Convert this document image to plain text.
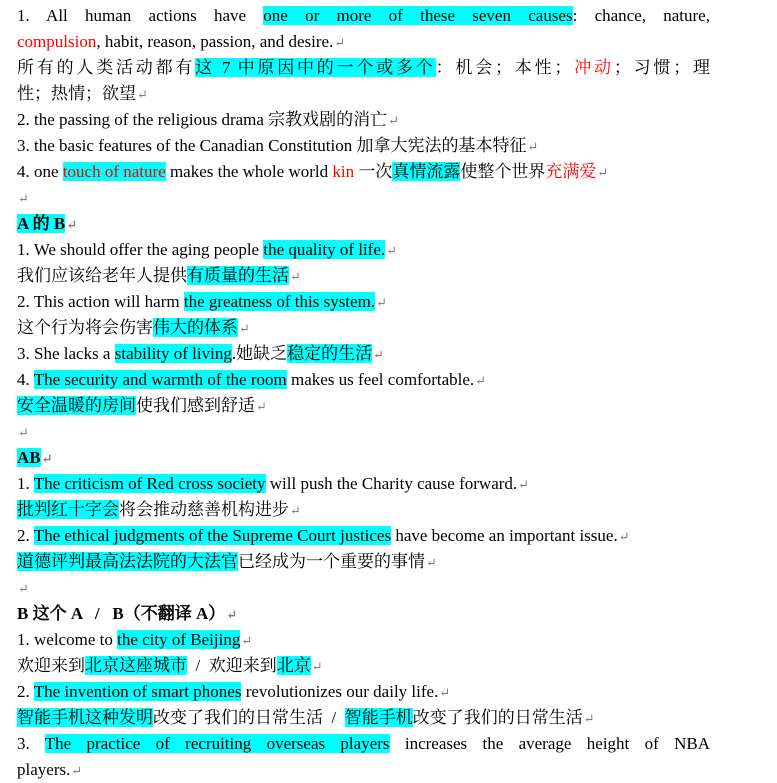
1. All human actions have one or more of these seven causes: chance, nature,
compulsion, habit, reason, passion, and desire.↵
所有的人类活动都有这 7 中原因中的一个或多个：机会；本性；冲动；习惯；理
性；热情；欲望↵
2. the passing of the religious drama 宗教戏剧的消亡↵
3. the basic features of the Canadian Constitution 加拿大宪法的基本特征↵
4. one touch of nature makes the whole world kin 一次真情流露使整个世界充满爱↵
↵
A 的 B↵
1. We should offer the aging people the quality of life.↵
我们应该给老年人提供有质量的生活↵
2. This action will harm the greatness of this system.↵
这个行为将会伤害伟大的体系↵
3. She lacks a stability of living.她缺乏稳定的生活↵
4. The security and warmth of the room makes us feel comfortable.↵
安全温暖的房间使我们感到舒适↵
↵
AB↵
1. The criticism of Red cross society will push the Charity cause forward.↵
批判红十字会将会推动慈善机构进步↵
2. The ethical judgments of the Supreme Court justices have become an important issue.↵
道德评判最高法法院的大法官已经成为一个重要的事情↵
↵
B 这个 A   /   B（不翻译 A）↵
1. welcome to the city of Beijing↵
欢迎来到北京这座城市  /  欢迎来到北京↵
2. The invention of smart phones revolutionizes our daily life.↵
智能手机这种发明改变了我们的日常生活  /  智能手机改变了我们的日常生活↵
3. The practice of recruiting overseas players increases the average height of NBA
players.↵
